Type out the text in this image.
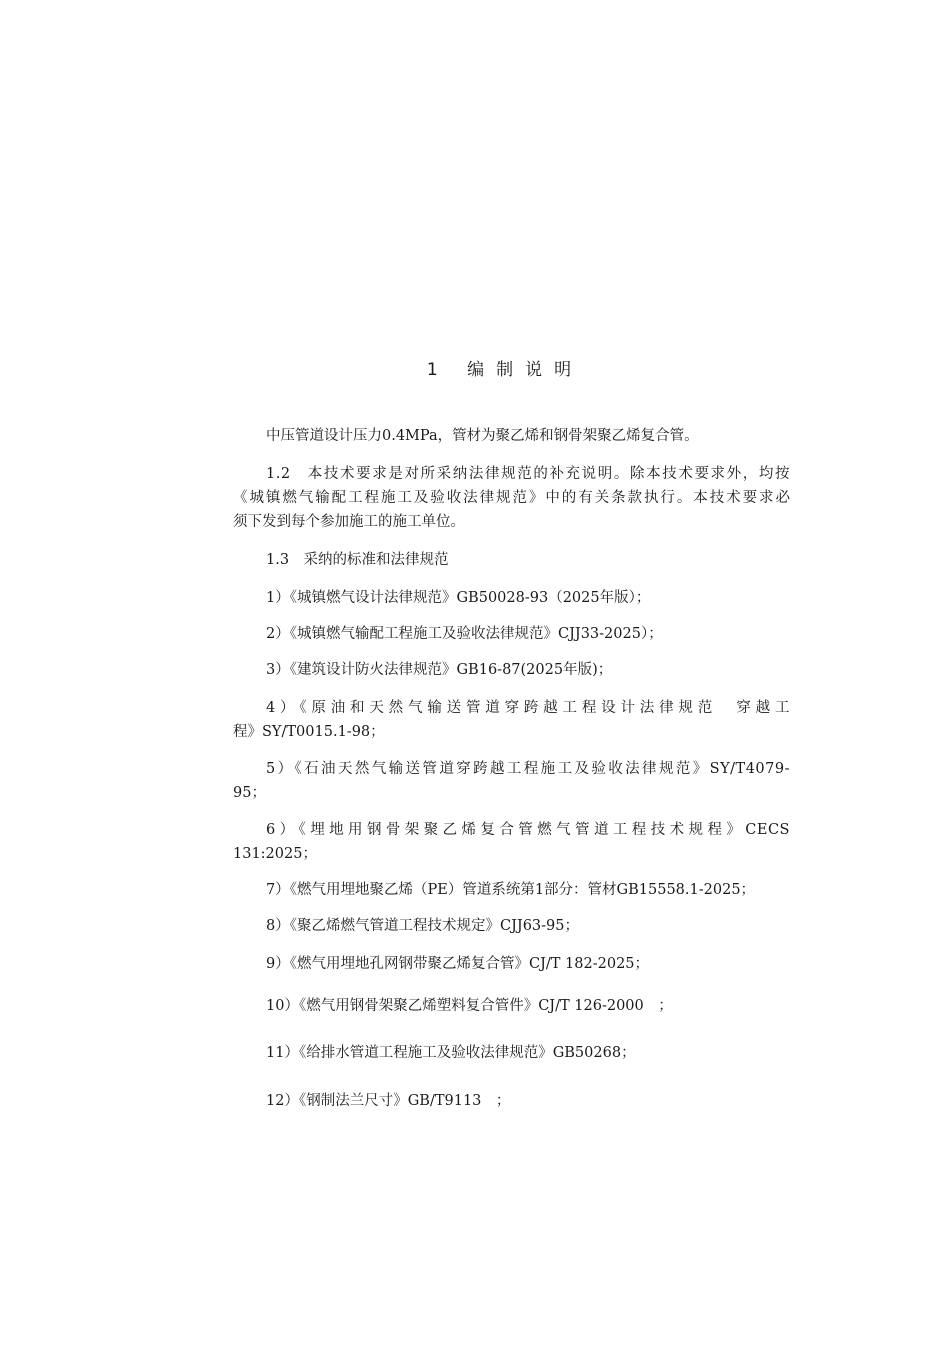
1 编制说明

中压管道设计压力0.4MPa，管材为聚乙烯和钢骨架聚乙烯复合管。

1.2　本技术要求是对所采纳法律规范的补充说明。除本技术要求外，均按
《城镇燃气输配工程施工及验收法律规范》中的有关条款执行。本技术要求必
须下发到每个参加施工的施工单位。

1.3　采纳的标准和法律规范

1）《城镇燃气设计法律规范》GB50028-93（2025年版）；

2）《城镇燃气输配工程施工及验收法律规范》CJJ33-2025）；

3）《建筑设计防火法律规范》GB16-87(2025年版)；

4）《原油和天然气输送管道穿跨越工程设计法律规范　穿越工
程》SY/T0015.1-98；
5）《石油天然气输送管道穿跨越工程施工及验收法律规范》SY/T4079-
95；
6）《埋地用钢骨架聚乙烯复合管燃气管道工程技术规程》CECS
131:2025；

7）《燃气用埋地聚乙烯（PE）管道系统第1部分：管材GB15558.1-2025；

8）《聚乙烯燃气管道工程技术规定》CJJ63-95；

9）《燃气用埋地孔网钢带聚乙烯复合管》CJ/T 182-2025；

10）《燃气用钢骨架聚乙烯塑料复合管件》CJ/T 126-2000　；

11）《给排水管道工程施工及验收法律规范》GB50268；

12）《钢制法兰尺寸》GB/T9113　；
